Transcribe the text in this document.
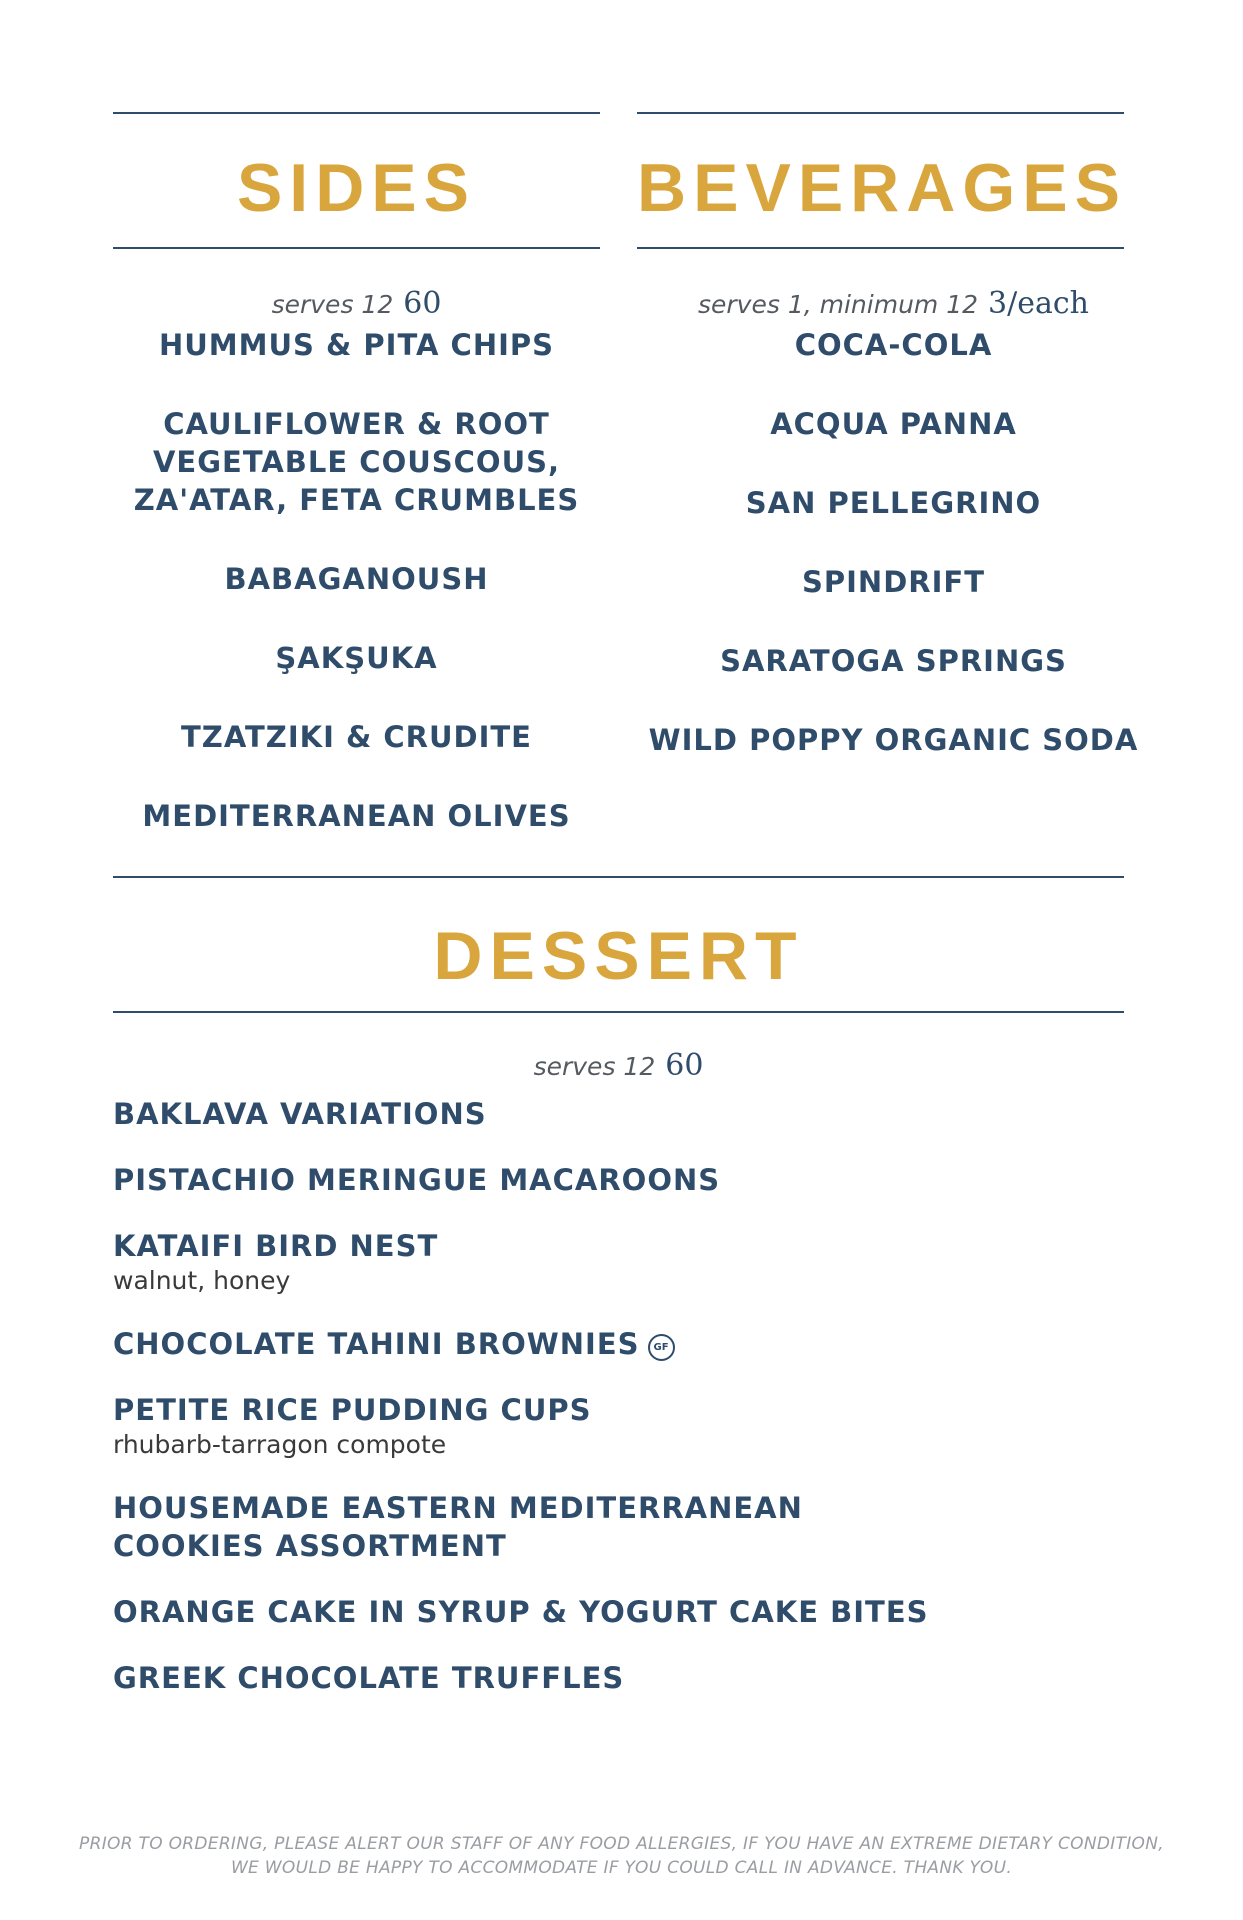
SIDES	BEVERAGES
serves 12 60
HUMMUS & PITA CHIPS
CAULIFLOWER & ROOT VEGETABLE COUSCOUS, ZA'ATAR, FETA CRUMBLES
BABAGANOUSH
ŞAKŞUKA
TZATZIKI & CRUDITE
MEDITERRANEAN OLIVES
serves 1, minimum 12 3/each
COCA-COLA
ACQUA PANNA
SAN PELLEGRINO
SPINDRIFT
SARATOGA SPRINGS
WILD POPPY ORGANIC SODA
DESSERT
serves 12 60
BAKLAVA VARIATIONS
PISTACHIO MERINGUE MACAROONS
KATAIFI BIRD NEST
walnut, honey
CHOCOLATE TAHINI BROWNIES GF
PETITE RICE PUDDING CUPS
rhubarb-tarragon compote
HOUSEMADE EASTERN MEDITERRANEAN COOKIES ASSORTMENT
ORANGE CAKE IN SYRUP & YOGURT CAKE BITES
GREEK CHOCOLATE TRUFFLES
PRIOR TO ORDERING, PLEASE ALERT OUR STAFF OF ANY FOOD ALLERGIES, IF YOU HAVE AN EXTREME DIETARY CONDITION,
WE WOULD BE HAPPY TO ACCOMMODATE IF YOU COULD CALL IN ADVANCE. THANK YOU.
